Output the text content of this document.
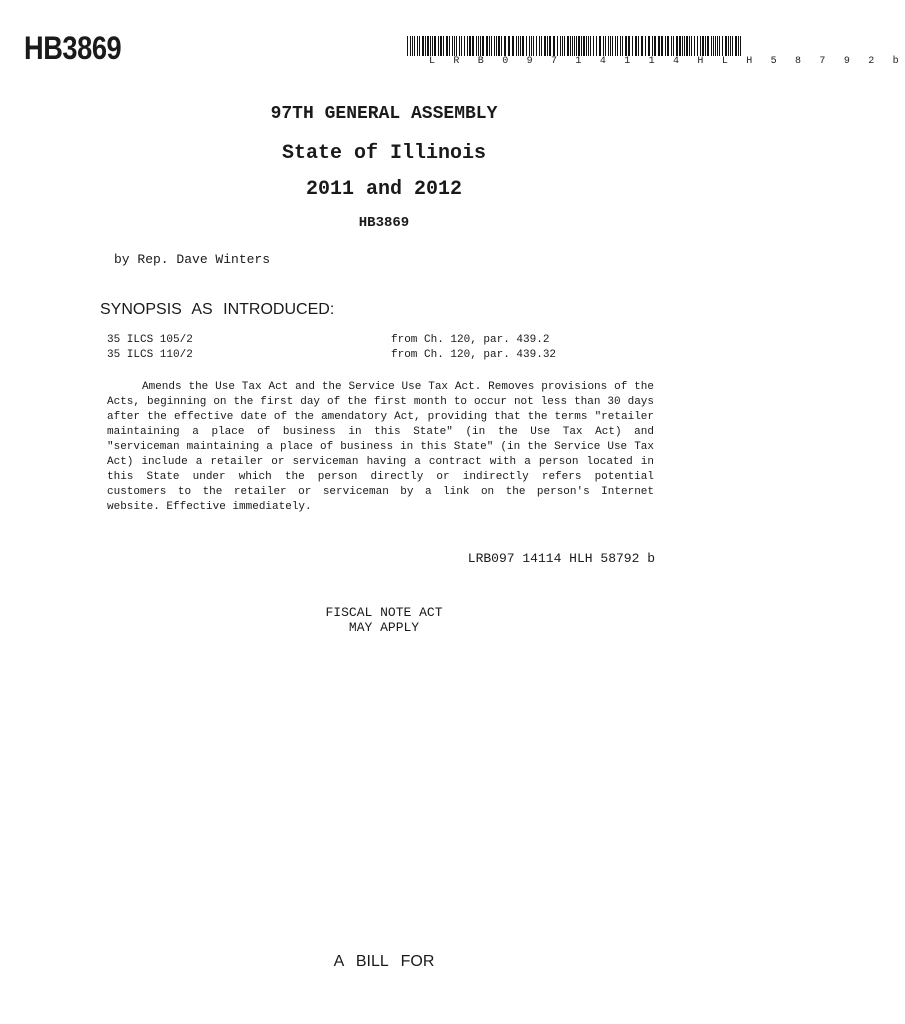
HB3869	L R B 0 9 7 1 4 1 1 4 H L H 5 8 7 9 2 b
97TH GENERAL ASSEMBLY
State of Illinois
2011 and 2012
HB3869
by Rep. Dave Winters
SYNOPSIS AS INTRODUCED:
35 ILCS 105/2	from Ch. 120, par. 439.2
35 ILCS 110/2	from Ch. 120, par. 439.32
Amends the Use Tax Act and the Service Use Tax Act. Removes provisions of the Acts, beginning on the first day of the first month to occur not less than 30 days after the effective date of the amendatory Act, providing that the terms "retailer maintaining a place of business in this State" (in the Use Tax Act) and "serviceman maintaining a place of business in this State" (in the Service Use Tax Act) include a retailer or serviceman having a contract with a person located in this State under which the person directly or indirectly refers potential customers to the retailer or serviceman by a link on the person's Internet website. Effective immediately.
LRB097 14114 HLH 58792 b
FISCAL NOTE ACT
MAY APPLY
A BILL FOR
